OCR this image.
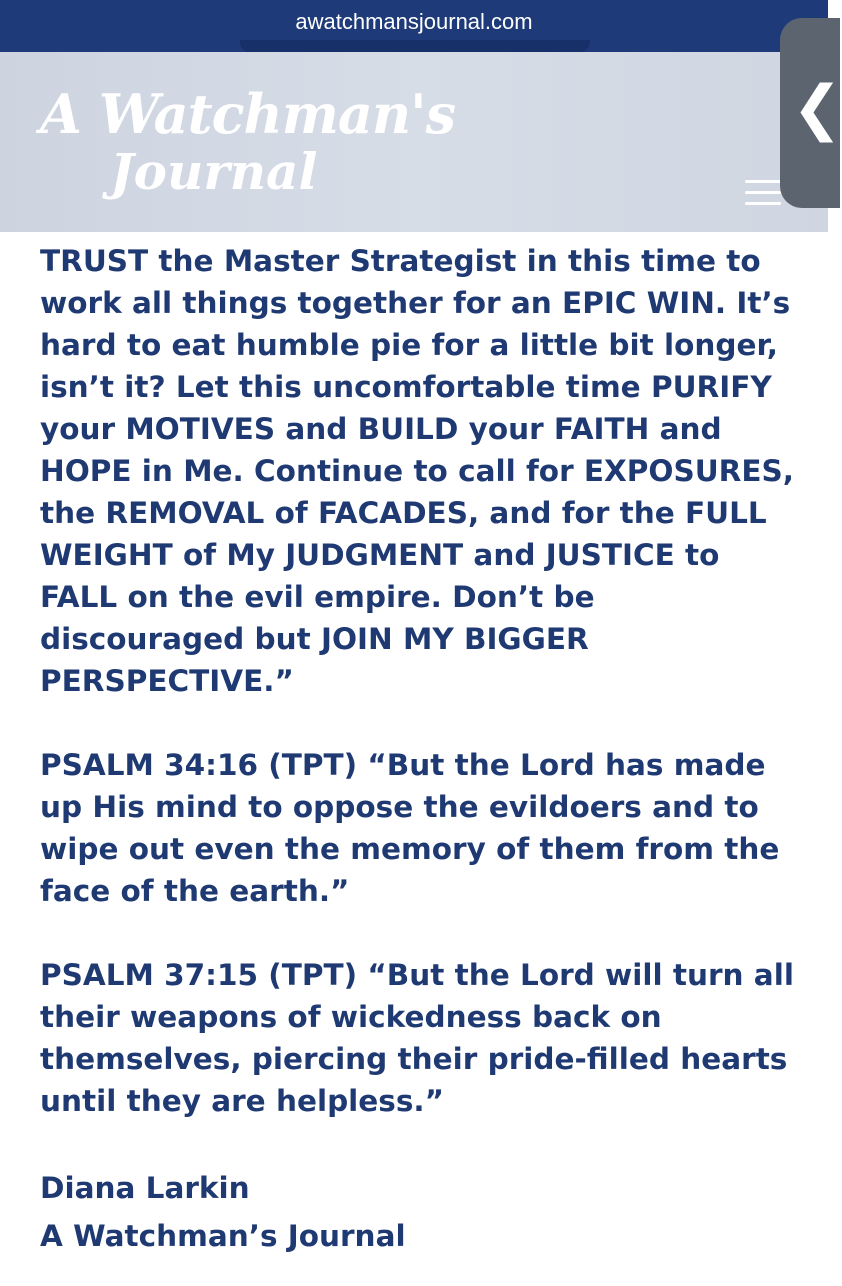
awatchmansjournal.com
A Watchman's
Journal
❮

TRUST the Master Strategist in this time to work all things together for an EPIC WIN. It’s hard to eat humble pie for a little bit longer, isn’t it? Let this uncomfortable time PURIFY your MOTIVES and BUILD your FAITH and HOPE in Me. Continue to call for EXPOSURES, the REMOVAL of FACADES, and for the FULL WEIGHT of My JUDGMENT and JUSTICE to FALL on the evil empire. Don’t be discouraged but JOIN MY BIGGER PERSPECTIVE.”

PSALM 34:16 (TPT) “But the Lord has made up His mind to oppose the evildoers and to wipe out even the memory of them from the face of the earth.”

PSALM 37:15 (TPT) “But the Lord will turn all their weapons of wickedness back on themselves, piercing their pride-filled hearts until they are helpless.”

Diana Larkin
A Watchman’s Journal
